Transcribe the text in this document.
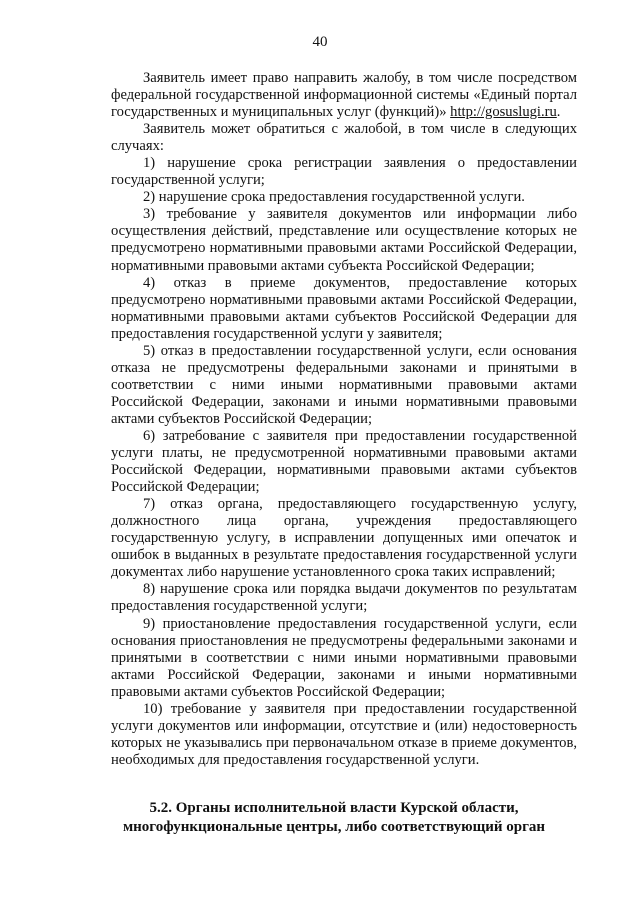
40

Заявитель имеет право направить жалобу, в том числе посредством федеральной государственной информационной системы «Единый портал государственных и муниципальных услуг (функций)» http://gosuslugi.ru.

Заявитель может обратиться с жалобой, в том числе в следующих случаях:

1) нарушение срока регистрации заявления о предоставлении государственной услуги;

2) нарушение срока предоставления государственной услуги.

3) требование у заявителя документов или информации либо осуществления действий, представление или осуществление которых не предусмотрено нормативными правовыми актами Российской Федерации, нормативными правовыми актами субъекта Российской Федерации;

4) отказ в приеме документов, предоставление которых предусмотрено нормативными правовыми актами Российской Федерации, нормативными правовыми актами субъектов Российской Федерации для предоставления государственной услуги у заявителя;

5) отказ в предоставлении государственной услуги, если основания отказа не предусмотрены федеральными законами и принятыми в соответствии с ними иными нормативными правовыми актами Российской Федерации, законами и иными нормативными правовыми актами субъектов Российской Федерации;

6) затребование с заявителя при предоставлении государственной услуги платы, не предусмотренной нормативными правовыми актами Российской Федерации, нормативными правовыми актами субъектов Российской Федерации;

7) отказ органа, предоставляющего государственную услугу, должностного лица органа, учреждения предоставляющего государственную услугу, в исправлении допущенных ими опечаток и ошибок в выданных в результате предоставления государственной услуги документах либо нарушение установленного срока таких исправлений;

8) нарушение срока или порядка выдачи документов по результатам предоставления государственной услуги;

9) приостановление предоставления государственной услуги, если основания приостановления не предусмотрены федеральными законами и принятыми в соответствии с ними иными нормативными правовыми актами Российской Федерации, законами и иными нормативными правовыми актами субъектов Российской Федерации;

10) требование у заявителя при предоставлении государственной услуги документов или информации, отсутствие и (или) недостоверность которых не указывались при первоначальном отказе в приеме документов, необходимых для предоставления государственной услуги.

5.2. Органы исполнительной власти Курской области,
многофункциональные центры, либо соответствующий орган
